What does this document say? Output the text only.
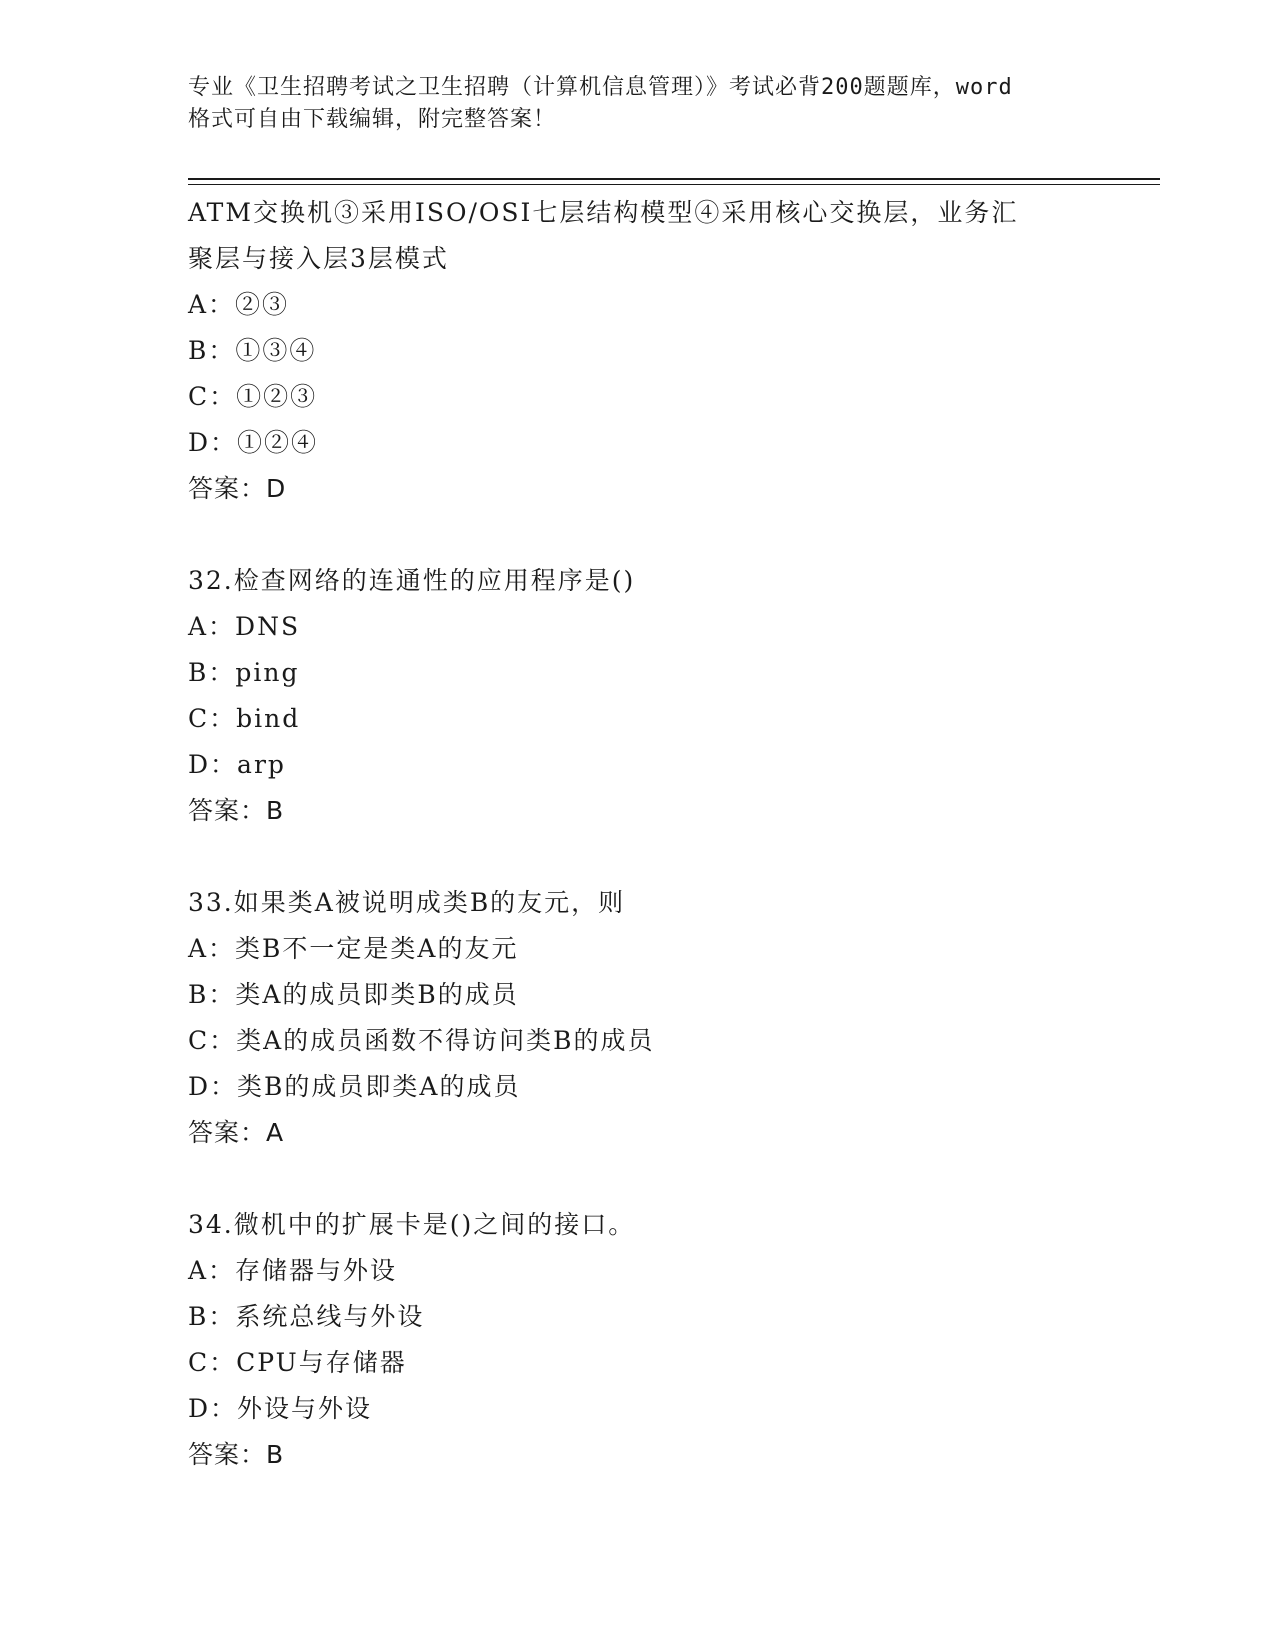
专业《卫生招聘考试之卫生招聘（计算机信息管理）》考试必背200题题库，word
格式可自由下载编辑，附完整答案！
ATM交换机③采用ISO/OSI七层结构模型④采用核心交换层，业务汇
聚层与接入层3层模式
A：②③
B：①③④
C：①②③
D：①②④
答案：D
32.检查网络的连通性的应用程序是()
A：DNS
B：ping
C：bind
D：arp
答案：B
33.如果类A被说明成类B的友元，则
A：类B不一定是类A的友元
B：类A的成员即类B的成员
C：类A的成员函数不得访问类B的成员
D：类B的成员即类A的成员
答案：A
34.微机中的扩展卡是()之间的接口。
A：存储器与外设
B：系统总线与外设
C：CPU与存储器
D：外设与外设
答案：B
